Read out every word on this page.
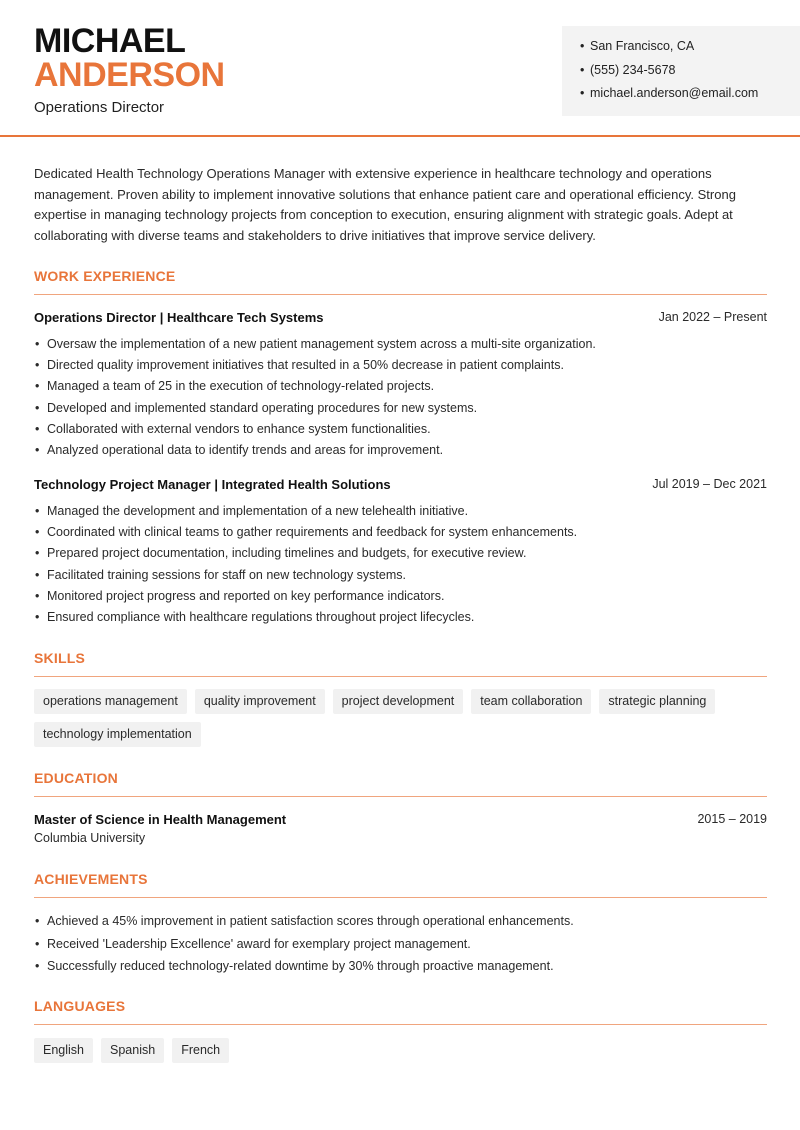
MICHAEL
ANDERSON
Operations Director
• San Francisco, CA
• (555) 234-5678
• michael.anderson@email.com

Dedicated Health Technology Operations Manager with extensive experience in healthcare technology and operations management. Proven ability to implement innovative solutions that enhance patient care and operational efficiency. Strong expertise in managing technology projects from conception to execution, ensuring alignment with strategic goals. Adept at collaborating with diverse teams and stakeholders to drive initiatives that improve service delivery.

WORK EXPERIENCE
Operations Director | Healthcare Tech Systems	Jan 2022 – Present
• Oversaw the implementation of a new patient management system across a multi-site organization.
• Directed quality improvement initiatives that resulted in a 50% decrease in patient complaints.
• Managed a team of 25 in the execution of technology-related projects.
• Developed and implemented standard operating procedures for new systems.
• Collaborated with external vendors to enhance system functionalities.
• Analyzed operational data to identify trends and areas for improvement.
Technology Project Manager | Integrated Health Solutions	Jul 2019 – Dec 2021
• Managed the development and implementation of a new telehealth initiative.
• Coordinated with clinical teams to gather requirements and feedback for system enhancements.
• Prepared project documentation, including timelines and budgets, for executive review.
• Facilitated training sessions for staff on new technology systems.
• Monitored project progress and reported on key performance indicators.
• Ensured compliance with healthcare regulations throughout project lifecycles.
SKILLS
operations management	quality improvement	project development	team collaboration	strategic planning
technology implementation
EDUCATION
Master of Science in Health Management	2015 – 2019
Columbia University
ACHIEVEMENTS
• Achieved a 45% improvement in patient satisfaction scores through operational enhancements.
• Received 'Leadership Excellence' award for exemplary project management.
• Successfully reduced technology-related downtime by 30% through proactive management.
LANGUAGES
English	Spanish	French
